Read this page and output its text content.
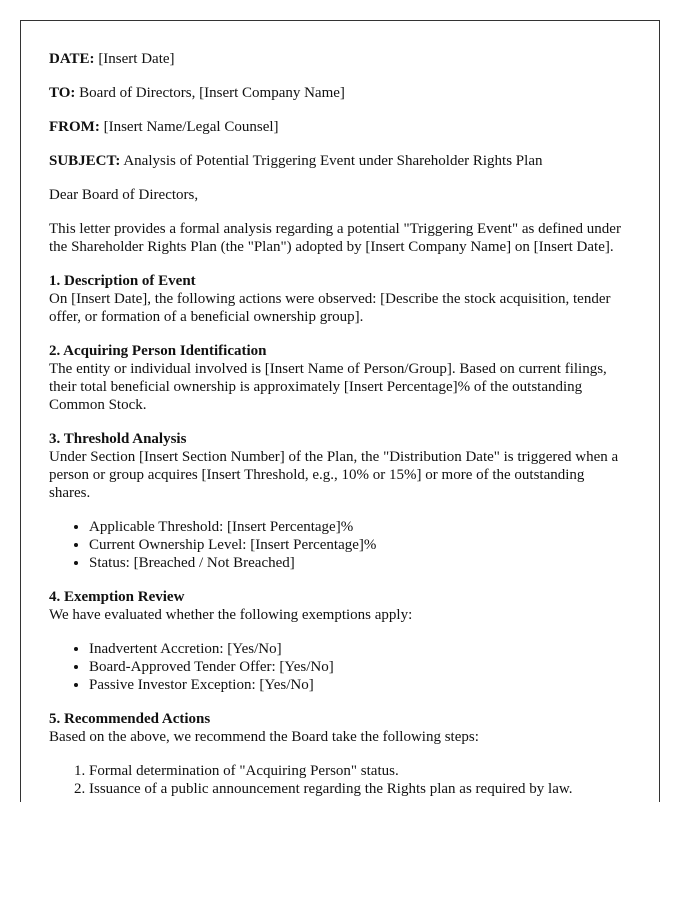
DATE: [Insert Date]

TO: Board of Directors, [Insert Company Name]

FROM: [Insert Name/Legal Counsel]

SUBJECT: Analysis of Potential Triggering Event under Shareholder Rights Plan

Dear Board of Directors,

This letter provides a formal analysis regarding a potential "Triggering Event" as defined under the Shareholder Rights Plan (the "Plan") adopted by [Insert Company Name] on [Insert Date].

1. Description of Event
On [Insert Date], the following actions were observed: [Describe the stock acquisition, tender offer, or formation of a beneficial ownership group].
2. Acquiring Person Identification
The entity or individual involved is [Insert Name of Person/Group]. Based on current filings, their total beneficial ownership is approximately [Insert Percentage]% of the outstanding Common Stock.
3. Threshold Analysis
Under Section [Insert Section Number] of the Plan, the "Distribution Date" is triggered when a person or group acquires [Insert Threshold, e.g., 10% or 15%] or more of the outstanding shares.
• Applicable Threshold: [Insert Percentage]%
• Current Ownership Level: [Insert Percentage]%
• Status: [Breached / Not Breached]
4. Exemption Review
We have evaluated whether the following exemptions apply:
• Inadvertent Accretion: [Yes/No]
• Board-Approved Tender Offer: [Yes/No]
• Passive Investor Exception: [Yes/No]
5. Recommended Actions
Based on the above, we recommend the Board take the following steps:
1. Formal determination of "Acquiring Person" status.
2. Issuance of a public announcement regarding the Rights plan as required by law.
